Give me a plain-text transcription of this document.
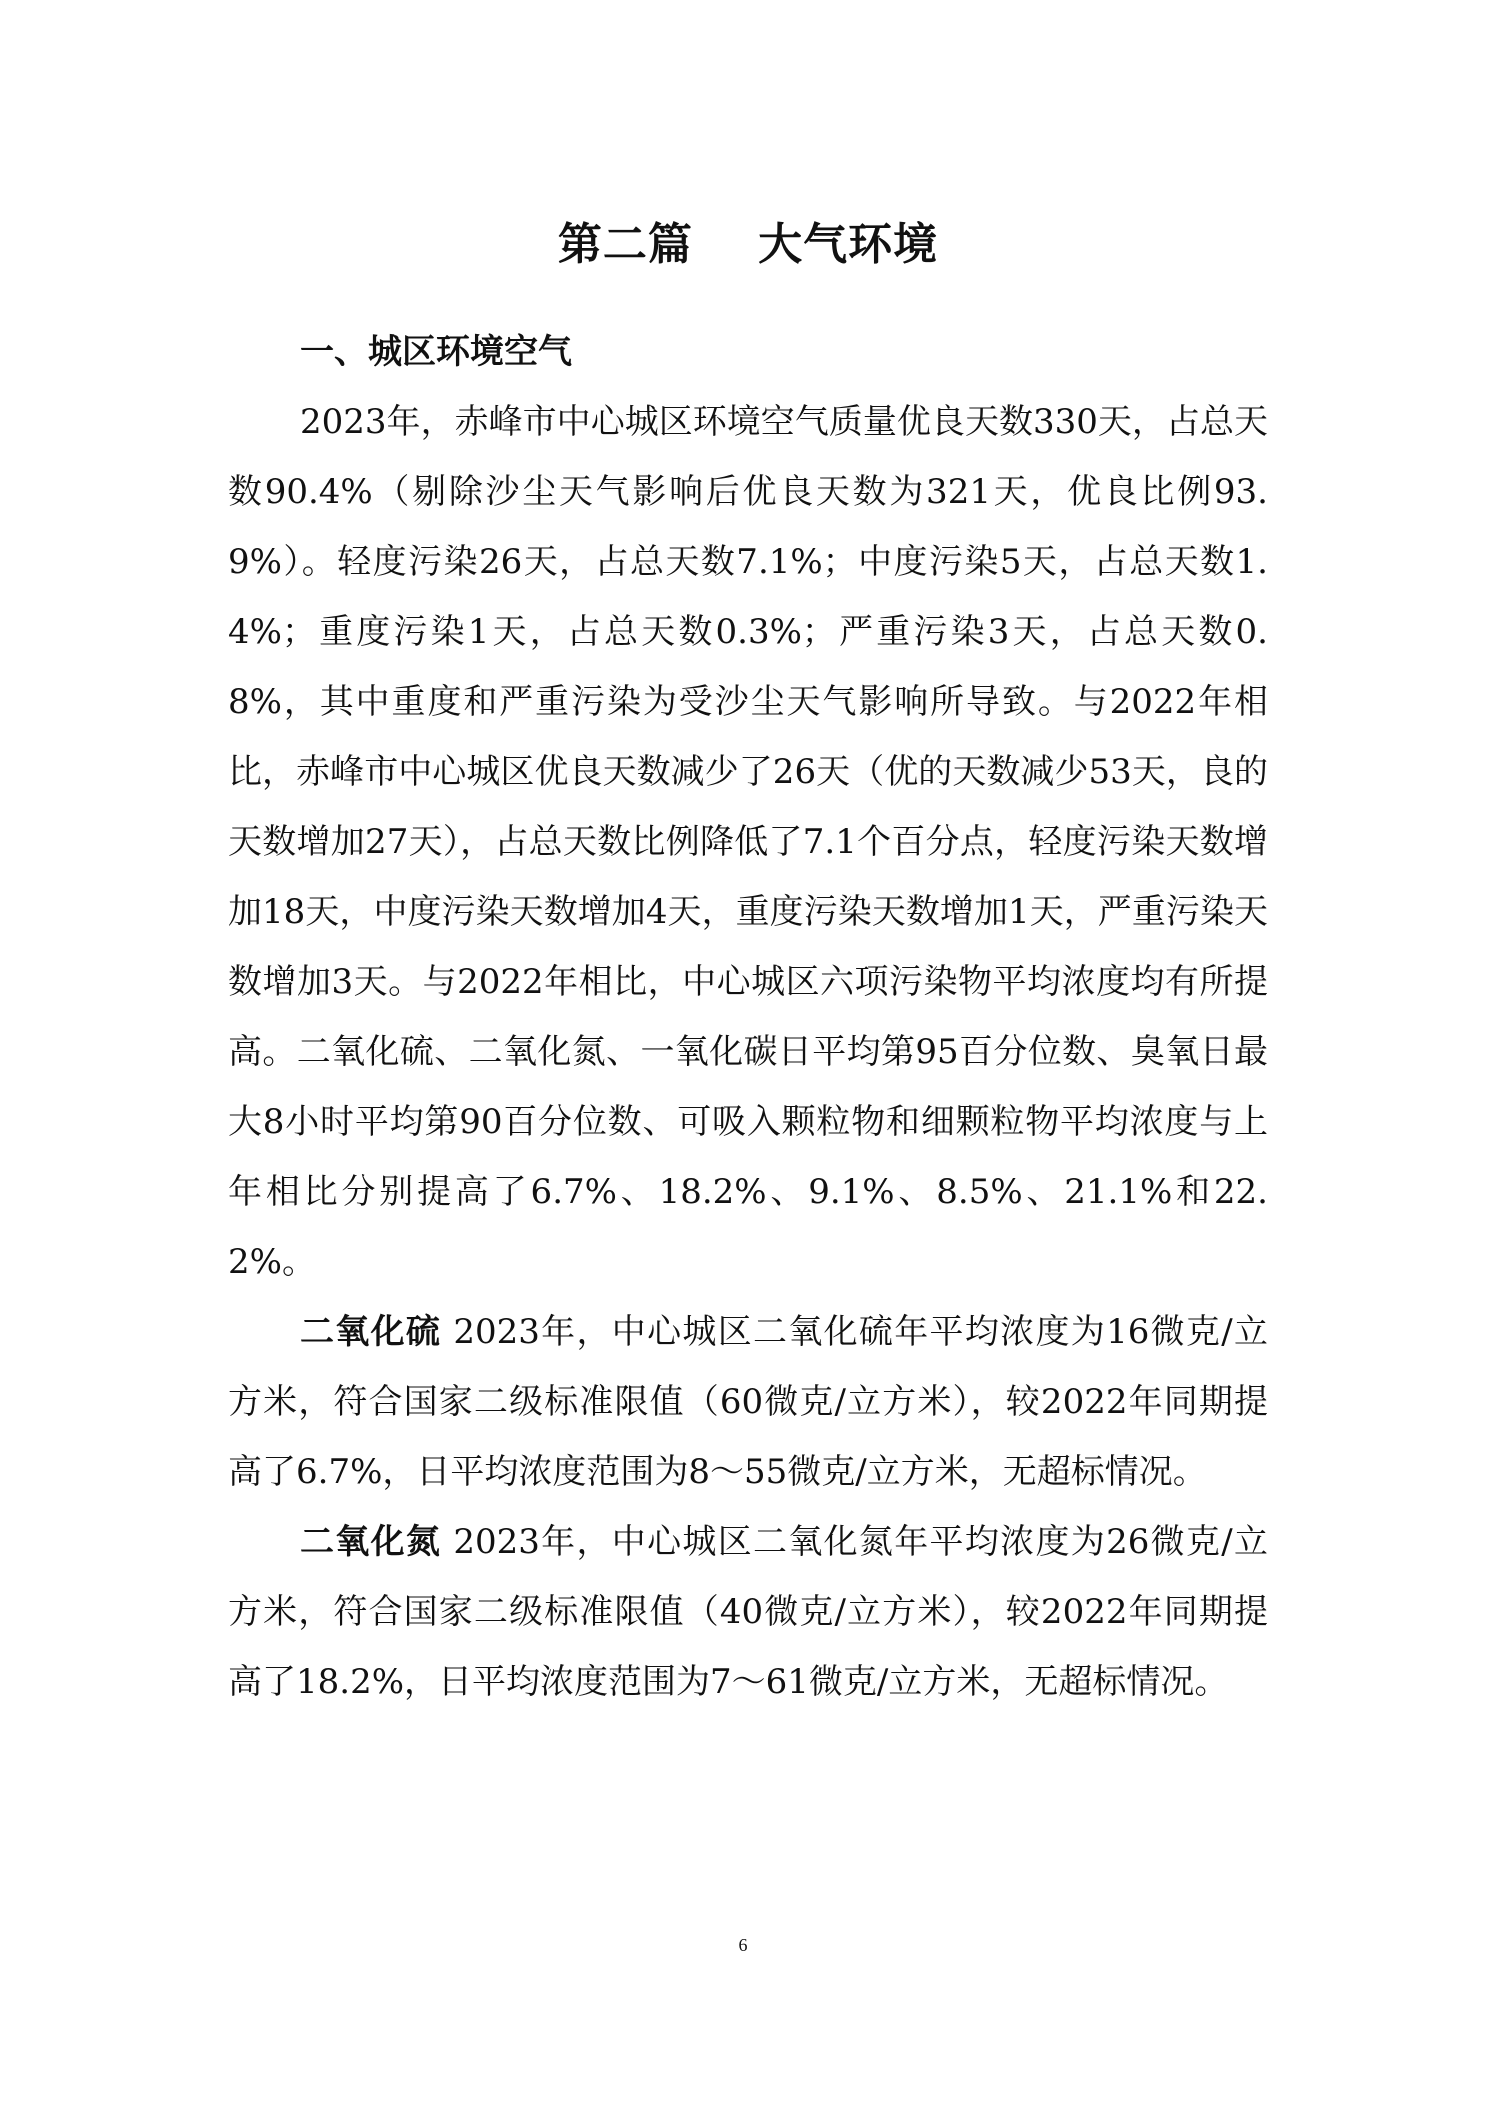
第二篇    大气环境
一、城区环境空气

2023年，赤峰市中心城区环境空气质量优良天数330天，占总天数90.4%（剔除沙尘天气影响后优良天数为321天，优良比例93.9%）。轻度污染26天，占总天数7.1%；中度污染5天，占总天数1.4%；重度污染1天，占总天数0.3%；严重污染3天，占总天数0.8%，其中重度和严重污染为受沙尘天气影响所导致。与2022年相比，赤峰市中心城区优良天数减少了26天（优的天数减少53天，良的天数增加27天），占总天数比例降低了7.1个百分点，轻度污染天数增加18天，中度污染天数增加4天，重度污染天数增加1天，严重污染天数增加3天。与2022年相比，中心城区六项污染物平均浓度均有所提高。二氧化硫、二氧化氮、一氧化碳日平均第95百分位数、臭氧日最大8小时平均第90百分位数、可吸入颗粒物和细颗粒物平均浓度与上年相比分别提高了6.7%、18.2%、9.1%、8.5%、21.1%和22.2%。

二氧化硫 2023年，中心城区二氧化硫年平均浓度为16微克/立方米，符合国家二级标准限值（60微克/立方米），较2022年同期提高了6.7%，日平均浓度范围为8～55微克/立方米，无超标情况。

二氧化氮 2023年，中心城区二氧化氮年平均浓度为26微克/立方米，符合国家二级标准限值（40微克/立方米），较2022年同期提高了18.2%，日平均浓度范围为7～61微克/立方米，无超标情况。

6
